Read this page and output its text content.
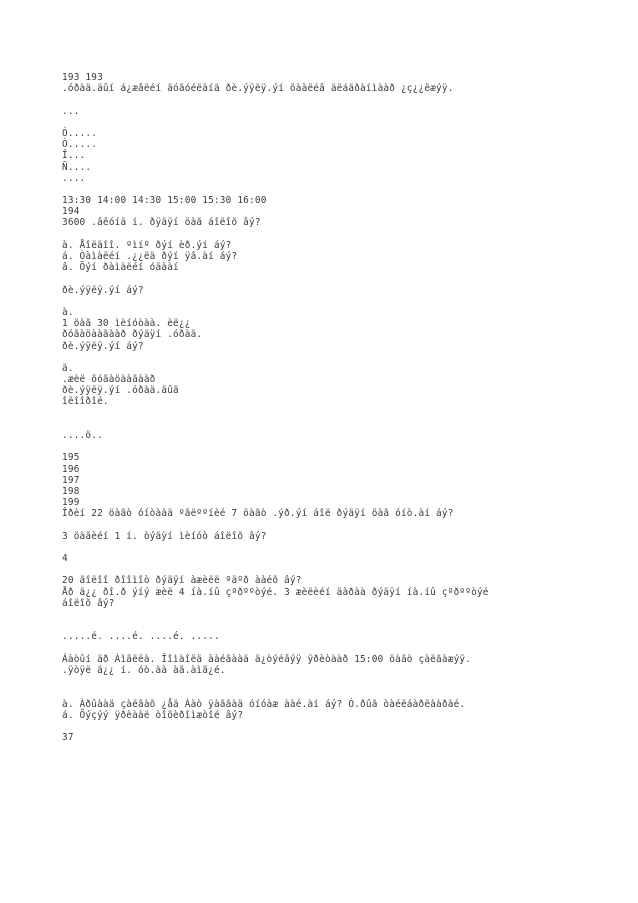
193 193
.óðàä.äûí á¿æâëéí äóãóéëàíä ðè.ýÿëÿ.ýí öààëéâ äëáäðàíìààð ¿ç¿¿ëæýÿ.
...
Ó.....
Ó.....
Î...
Ñ....
....
13:30 14:00 14:30 15:00 15:30 16:00
194
3600 .âêóíä í. ðÿäÿí öàã áîëîõ âý?
à. Åîëäîî. ºìíº ðýí èð.ýí áý?
á. Òàìàëéí .¿¿ëä ðýí ÿâ.àí áý?
â. Õýí ðàìàëéí óäààí
ðè.ýÿëÿ.ýí áý?
à.
1 öàã 30 ìèíóòàà. èë¿¿
ðóãàöààãààð ðýäÿí .óðàä.
ðè.ýÿëÿ.ýí áý?
ä.
.æèë õóãàöààãààð
ðè.ýÿëÿ.ýí .óðàä.äûã
îëîîðîé.
....ö..
195
196
197
198
199
Îðèí 22 öàãò óíòààä ºãëººíèé 7 öàãò .ýð.ýí áîë ðýäÿí öàã óíò.àí áý?
3 öàãèéí 1 í. òýäÿí ìèíóò áîëîõ âý?
4
20 ãîëîî ðîîìîò ðýäÿí àæèëë ºäºð ààéõ âý?
Åð ä¿¿ ðî.ð ýíý æèë 4 íà.íû çºðººòýé. 3 æèëèéí äàðàà ðýäÿí íà.íû çºðººòýé
áîëîõ âý?
.....é. ....é. ....é. .....
Áàòûí äð Àìãëëà. Îîìàîëä ààéãààä ä¿òýéâýÿ ÿðèòààð 15:00 öàãò çàëãàæýÿ.
.ÿòÿë ä¿¿ í. óò.àà àã.àìã¿é.
à. Àðûààä çàëãàõ ¿åä Áàò ÿàããàä óíóàæ ààé.àí áý? Ó.ðûã òàéëáàðëààðàé.
á. Õýçýý ÿðèààë òîõèðîìæòîé âý?
37
